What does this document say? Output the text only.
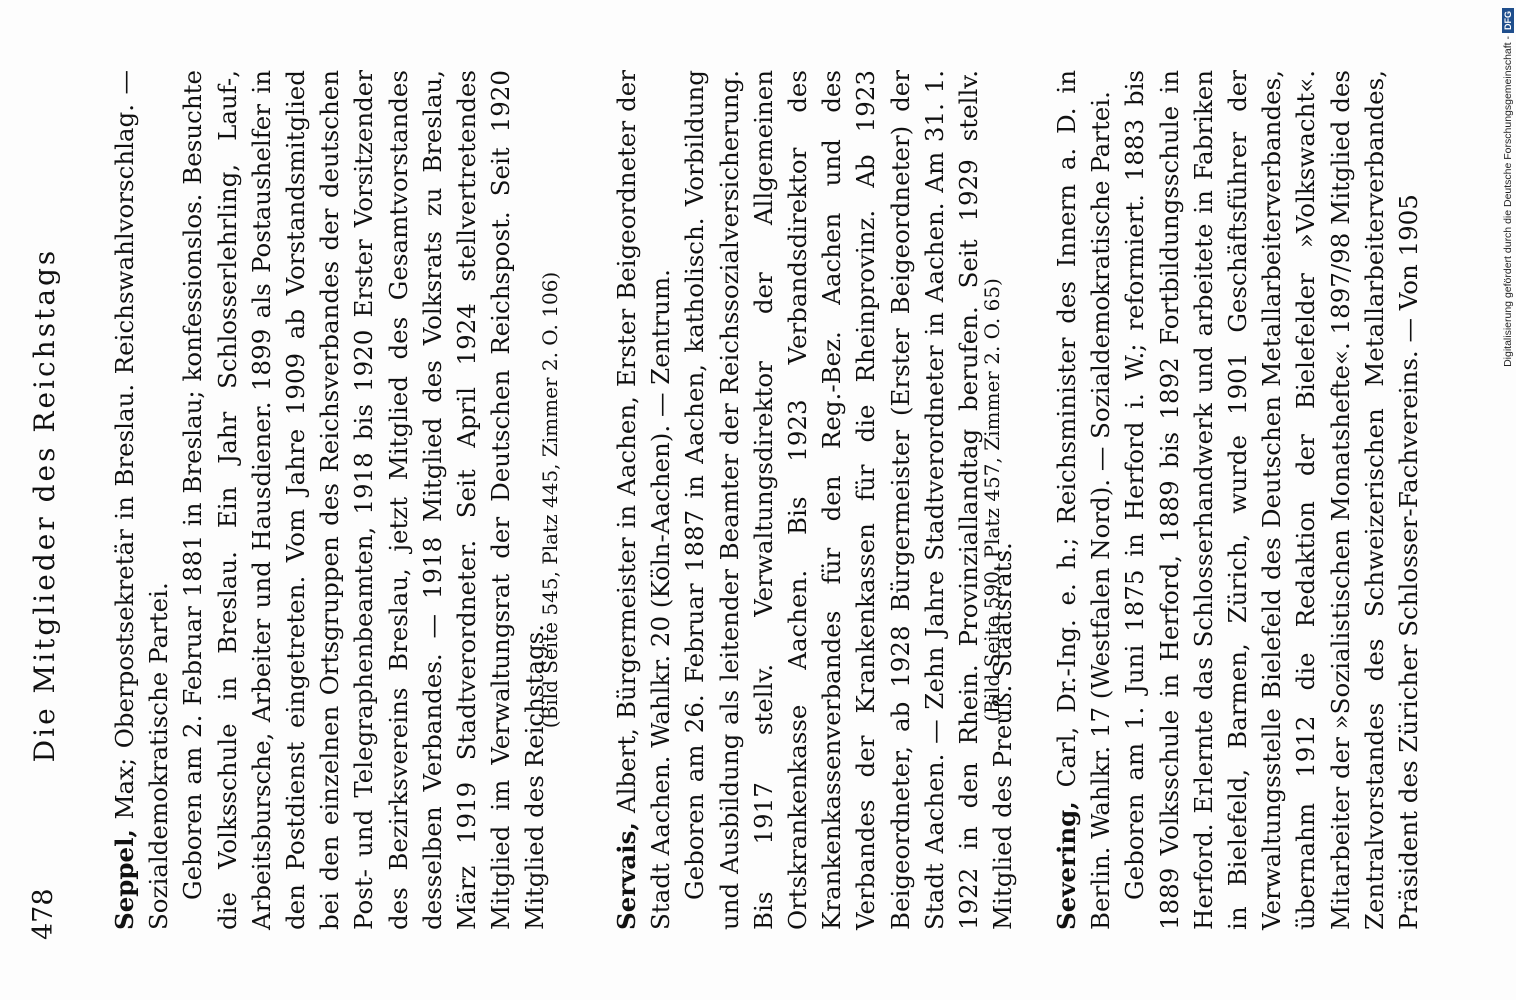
478
Die Mitglieder des Reichstags

Seppel, Max; Oberpostsekretär in Breslau. Reichswahlvorschlag. — Sozialdemokratische Partei. Geboren am 2. Februar 1881 in Breslau; konfessionslos. Besuchte die Volksschule in Breslau. Ein Jahr Schlosserlehrling, Lauf-, Arbeitsbursche, Arbeiter und Hausdiener. 1899 als Postaushelfer in den Postdienst eingetreten. Vom Jahre 1909 ab Vorstandsmitglied bei den einzelnen Ortsgruppen des Reichsverbandes der deutschen Post- und Telegraphenbeamten, 1918 bis 1920 Erster Vorsitzender des Bezirksvereins Breslau, jetzt Mitglied des Gesamtvorstandes desselben Verbandes. — 1918 Mitglied des Volksrats zu Breslau, März 1919 Stadtverordneter. Seit April 1924 stellvertretendes Mitglied im Verwaltungsrat der Deutschen Reichspost. Seit 1920 Mitglied des Reichstags.

(Bild Seite 545, Platz 445, Zimmer 2. O. 106)

Servais, Albert, Bürgermeister in Aachen, Erster Beigeordneter der Stadt Aachen. Wahlkr. 20 (Köln-Aachen). — Zentrum. Geboren am 26. Februar 1887 in Aachen, katholisch. Vorbildung und Ausbildung als leitender Beamter der Reichssozialversicherung. Bis 1917 stellv. Verwaltungsdirektor der Allgemeinen Ortskrankenkasse Aachen. Bis 1923 Verbandsdirektor des Krankenkassenverbandes für den Reg.-Bez. Aachen und des Verbandes der Krankenkassen für die Rheinprovinz. Ab 1923 Beigeordneter, ab 1928 Bürgermeister (Erster Beigeordneter) der Stadt Aachen. — Zehn Jahre Stadtverordneter in Aachen. Am 31. 1. 1922 in den Rhein. Provinziallandtag berufen. Seit 1929 stellv. Mitglied des Preuß. Staatsrats.

(Bild Seite 590, Platz 457, Zimmer 2. O. 65)

Severing, Carl, Dr.-Ing. e. h.; Reichsminister des Innern a. D. in Berlin. Wahlkr. 17 (Westfalen Nord). — Sozialdemokratische Partei. Geboren am 1. Juni 1875 in Herford i. W.; reformiert. 1883 bis 1889 Volksschule in Herford, 1889 bis 1892 Fortbildungsschule in Herford. Erlernte das Schlosserhandwerk und arbeitete in Fabriken in Bielefeld, Barmen, Zürich, wurde 1901 Geschäftsführer der Verwaltungsstelle Bielefeld des Deutschen Metallarbeiterverbandes, übernahm 1912 die Redaktion der Bielefelder »Volkswacht«. Mitarbeiter der »Sozialistischen Monatshefte«. 1897/98 Mitglied des Zentralvorstandes des Schweizerischen Metallarbeiterverbandes, Präsident des Züricher Schlosser-Fachvereins. — Von 1905	Digitalisierung gefördert durch die Deutsche Forschungsgemeinschaft -
DFG
